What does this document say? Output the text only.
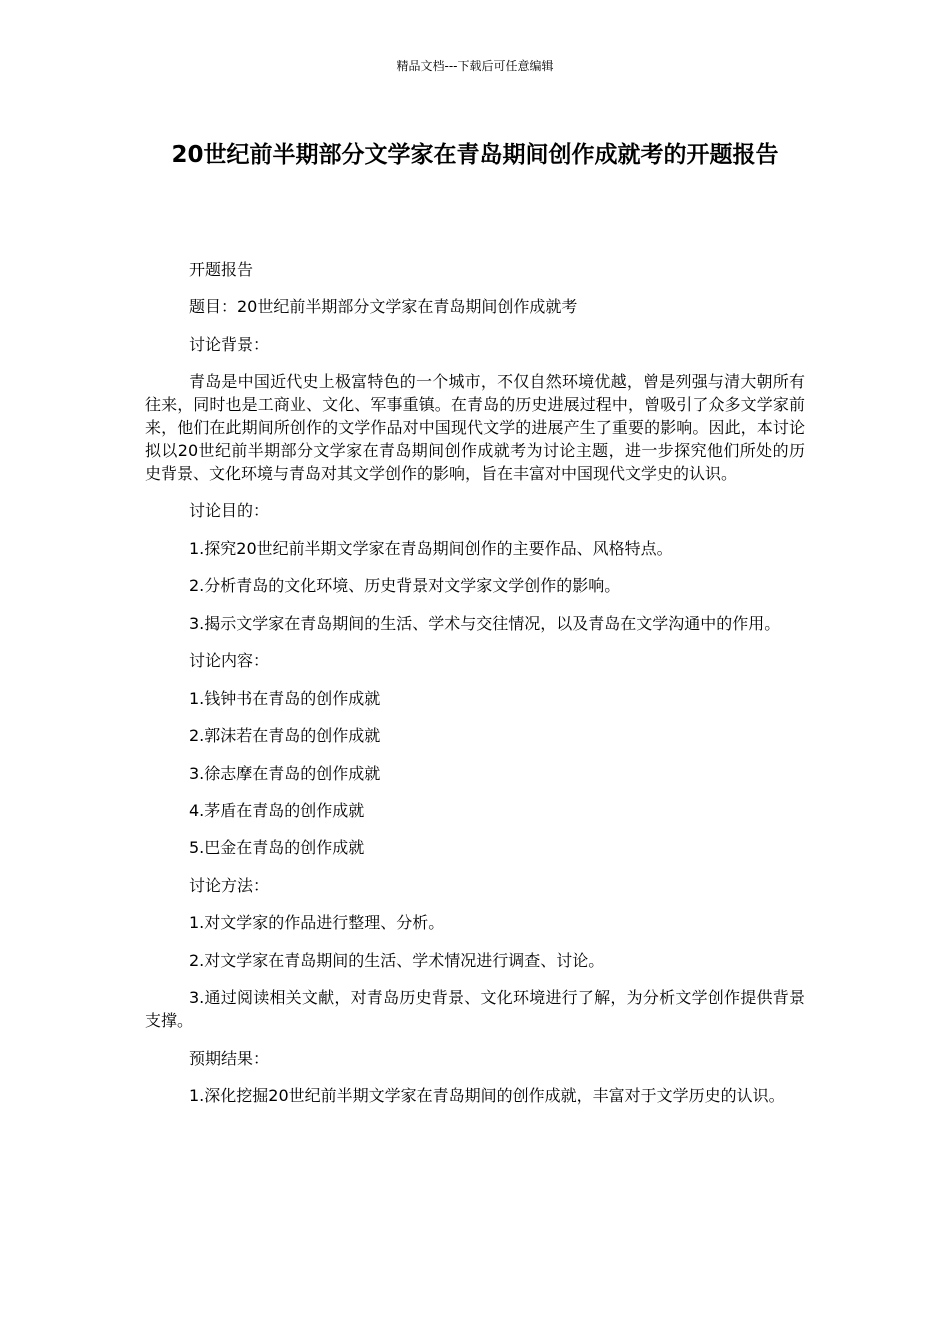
精品文档---下载后可任意编辑
20世纪前半期部分文学家在青岛期间创作成就考的开题报告

开题报告

题目：20世纪前半期部分文学家在青岛期间创作成就考

讨论背景：

青岛是中国近代史上极富特色的一个城市，不仅自然环境优越，曾是列强与清大朝所有往来，同时也是工商业、文化、军事重镇。在青岛的历史进展过程中，曾吸引了众多文学家前来，他们在此期间所创作的文学作品对中国现代文学的进展产生了重要的影响。因此，本讨论拟以20世纪前半期部分文学家在青岛期间创作成就考为讨论主题，进一步探究他们所处的历史背景、文化环境与青岛对其文学创作的影响，旨在丰富对中国现代文学史的认识。

讨论目的：

1.探究20世纪前半期文学家在青岛期间创作的主要作品、风格特点。

2.分析青岛的文化环境、历史背景对文学家文学创作的影响。

3.揭示文学家在青岛期间的生活、学术与交往情况，以及青岛在文学沟通中的作用。

讨论内容：

1.钱钟书在青岛的创作成就

2.郭沫若在青岛的创作成就

3.徐志摩在青岛的创作成就

4.茅盾在青岛的创作成就

5.巴金在青岛的创作成就

讨论方法：

1.对文学家的作品进行整理、分析。

2.对文学家在青岛期间的生活、学术情况进行调查、讨论。

3.通过阅读相关文献，对青岛历史背景、文化环境进行了解，为分析文学创作提供背景支撑。

预期结果：

1.深化挖掘20世纪前半期文学家在青岛期间的创作成就，丰富对于文学历史的认识。
